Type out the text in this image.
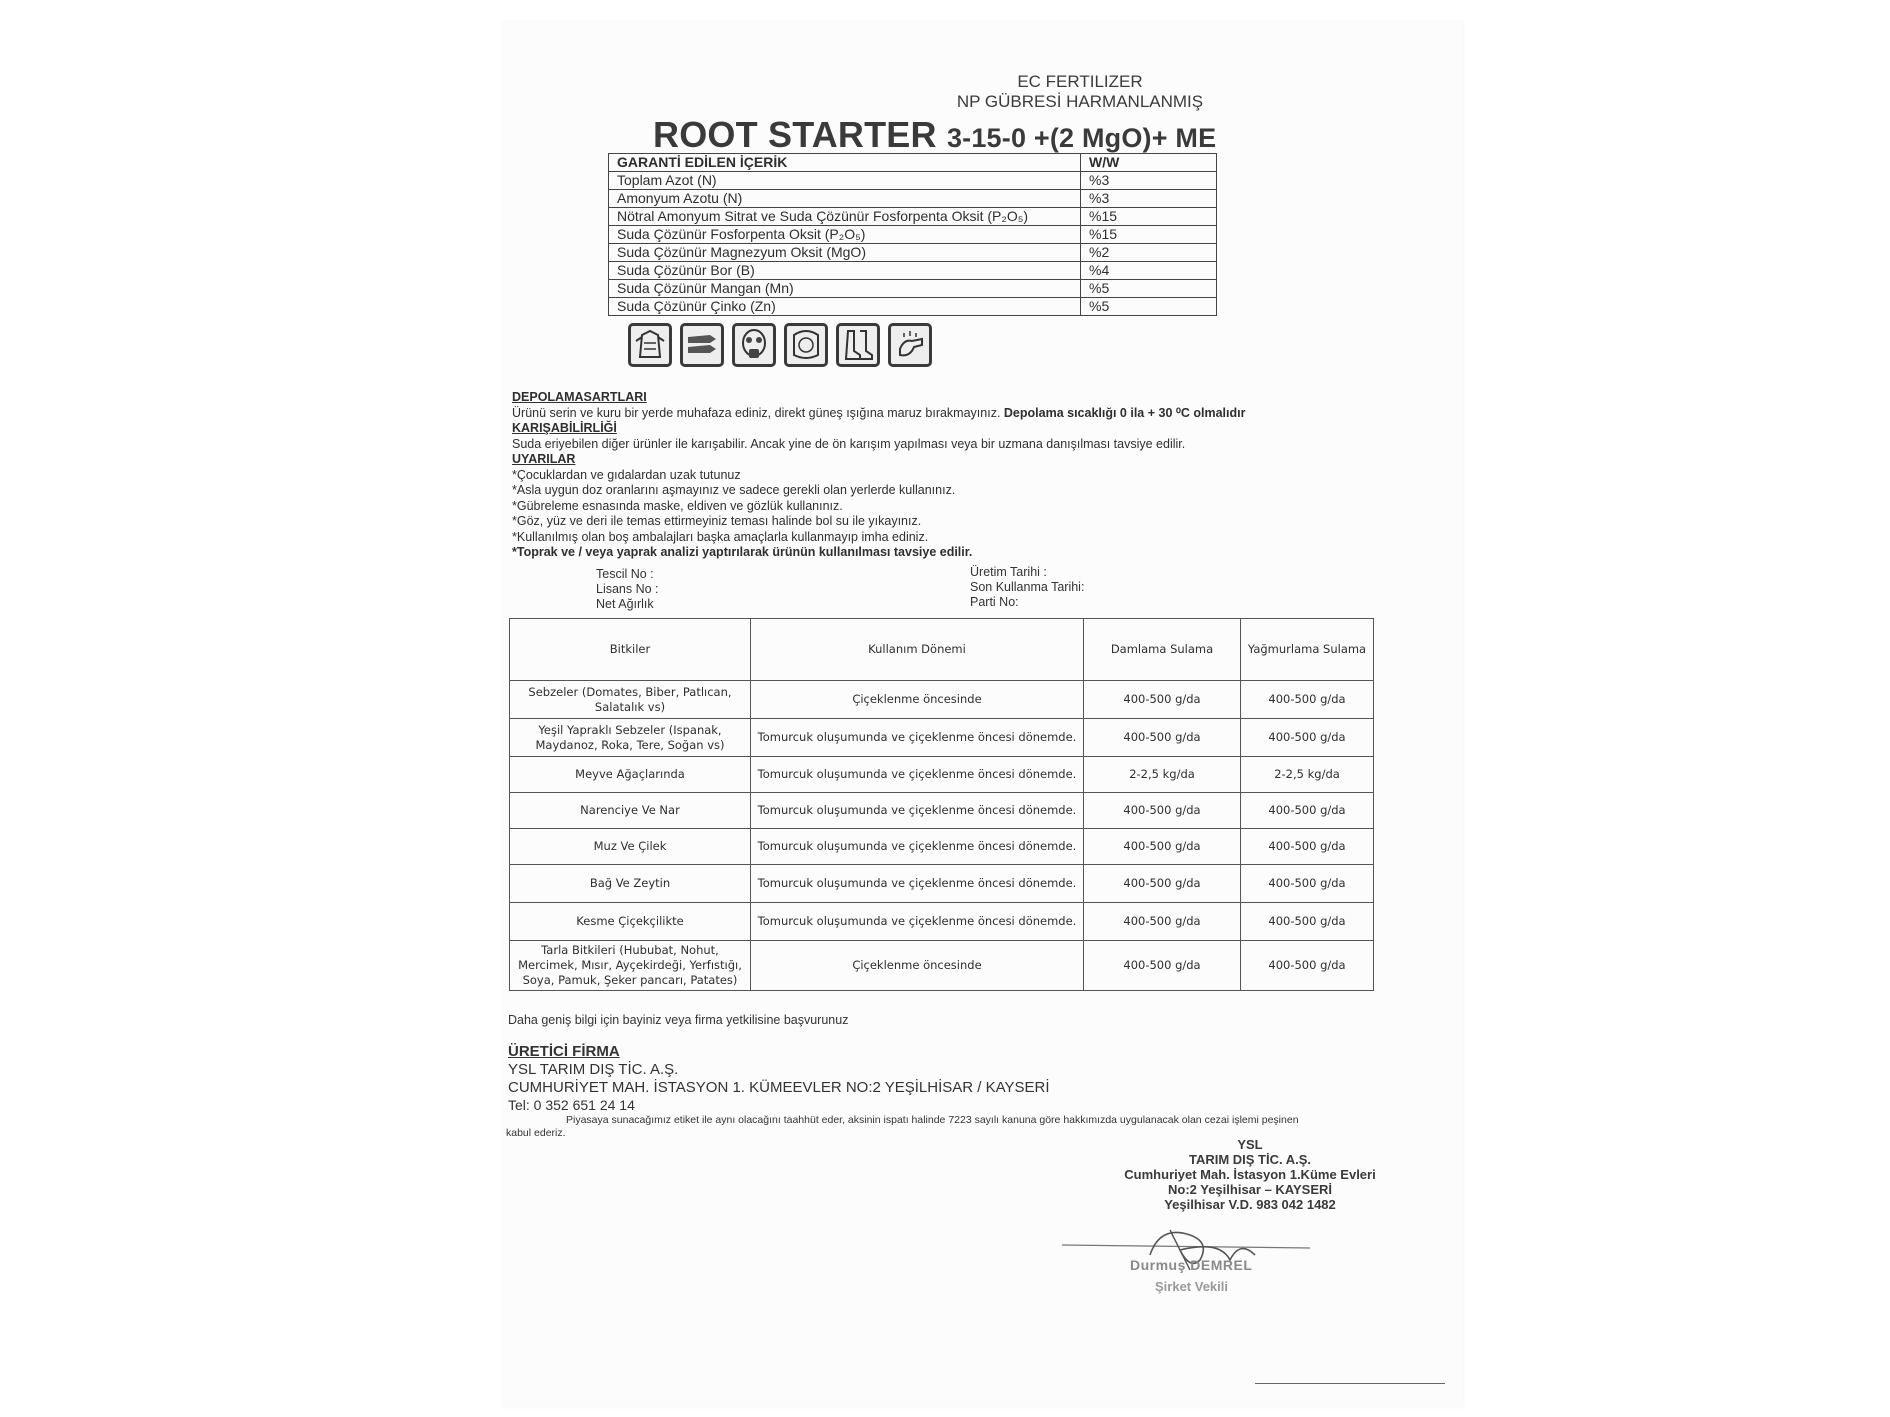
EC FERTILIZER
NP GÜBRESİ HARMANLANMIŞ
ROOT STARTER 3-15-0 +(2 MgO)+ ME
GARANTİ EDİLEN İÇERİK	W/W
Toplam Azot (N)	%3
Amonyum Azotu (N)	%3
Nötral Amonyum Sitrat ve Suda Çözünür Fosforpenta Oksit (P₂O₅)	%15
Suda Çözünür Fosforpenta Oksit (P₂O₅)	%15
Suda Çözünür Magnezyum Oksit (MgO)	%2
Suda Çözünür Bor (B)	%4
Suda Çözünür Mangan (Mn)	%5
Suda Çözünür Çinko (Zn)	%5
DEPOLAMASARTLARI
Ürünü serin ve kuru bir yerde muhafaza ediniz, direkt güneş ışığına maruz bırakmayınız. Depolama sıcaklığı 0 ila + 30 ⁰C olmalıdır
KARIŞABİLİRLİĞİ
Suda eriyebilen diğer ürünler ile karışabilir. Ancak yine de ön karışım yapılması veya bir uzmana danışılması tavsiye edilir.
UYARILAR
*Çocuklardan ve gıdalardan uzak tutunuz
*Asla uygun doz oranlarını aşmayınız ve sadece gerekli olan yerlerde kullanınız.
*Gübreleme esnasında maske, eldiven ve gözlük kullanınız.
*Göz, yüz ve deri ile temas ettirmeyiniz teması halinde bol su ile yıkayınız.
*Kullanılmış olan boş ambalajları başka amaçlarla kullanmayıp imha ediniz.
*Toprak ve / veya yaprak analizi yaptırılarak ürünün kullanılması tavsiye edilir.
Tescil No :
Lisans No :
Net Ağırlık
Üretim Tarihi :
Son Kullanma Tarihi:
Parti No:
Bitkiler	Kullanım Dönemi	Damlama Sulama	Yağmurlama Sulama
Sebzeler (Domates, Biber, Patlıcan, Salatalık vs)	Çiçeklenme öncesinde	400-500 g/da	400-500 g/da
Yeşil Yapraklı Sebzeler (Ispanak, Maydanoz, Roka, Tere, Soğan vs)	Tomurcuk oluşumunda ve çiçeklenme öncesi dönemde.	400-500 g/da	400-500 g/da
Meyve Ağaçlarında	Tomurcuk oluşumunda ve çiçeklenme öncesi dönemde.	2-2,5 kg/da	2-2,5 kg/da
Narenciye Ve Nar	Tomurcuk oluşumunda ve çiçeklenme öncesi dönemde.	400-500 g/da	400-500 g/da
Muz Ve Çilek	Tomurcuk oluşumunda ve çiçeklenme öncesi dönemde.	400-500 g/da	400-500 g/da
Bağ Ve Zeytin	Tomurcuk oluşumunda ve çiçeklenme öncesi dönemde.	400-500 g/da	400-500 g/da
Kesme Çiçekçilikte	Tomurcuk oluşumunda ve çiçeklenme öncesi dönemde.	400-500 g/da	400-500 g/da
Tarla Bitkileri (Hububat, Nohut, Mercimek, Mısır, Ayçekirdeği, Yerfıstığı, Soya, Pamuk, Şeker pancarı, Patates)	Çiçeklenme öncesinde	400-500 g/da	400-500 g/da
Daha geniş bilgi için bayiniz veya firma yetkilisine başvurunuz
ÜRETİCİ FİRMA
YSL TARIM DIŞ TİC. A.Ş.
CUMHURİYET MAH. İSTASYON 1. KÜMEEVLER NO:2 YEŞİLHİSAR / KAYSERİ
Tel: 0 352 651 24 14
Piyasaya sunacağımız etiket ile aynı olacağını taahhüt eder, aksinin ispatı halinde 7223 sayılı kanuna göre hakkımızda uygulanacak olan cezai işlemi peşinen
kabul ederiz.
YSL
TARIM DIŞ TİC. A.Ş.
Cumhuriyet Mah. İstasyon 1.Küme Evleri
No:2 Yeşilhisar – KAYSERİ
Yeşilhisar V.D. 983 042 1482
Durmuş DEMREL
Şirket Vekili
